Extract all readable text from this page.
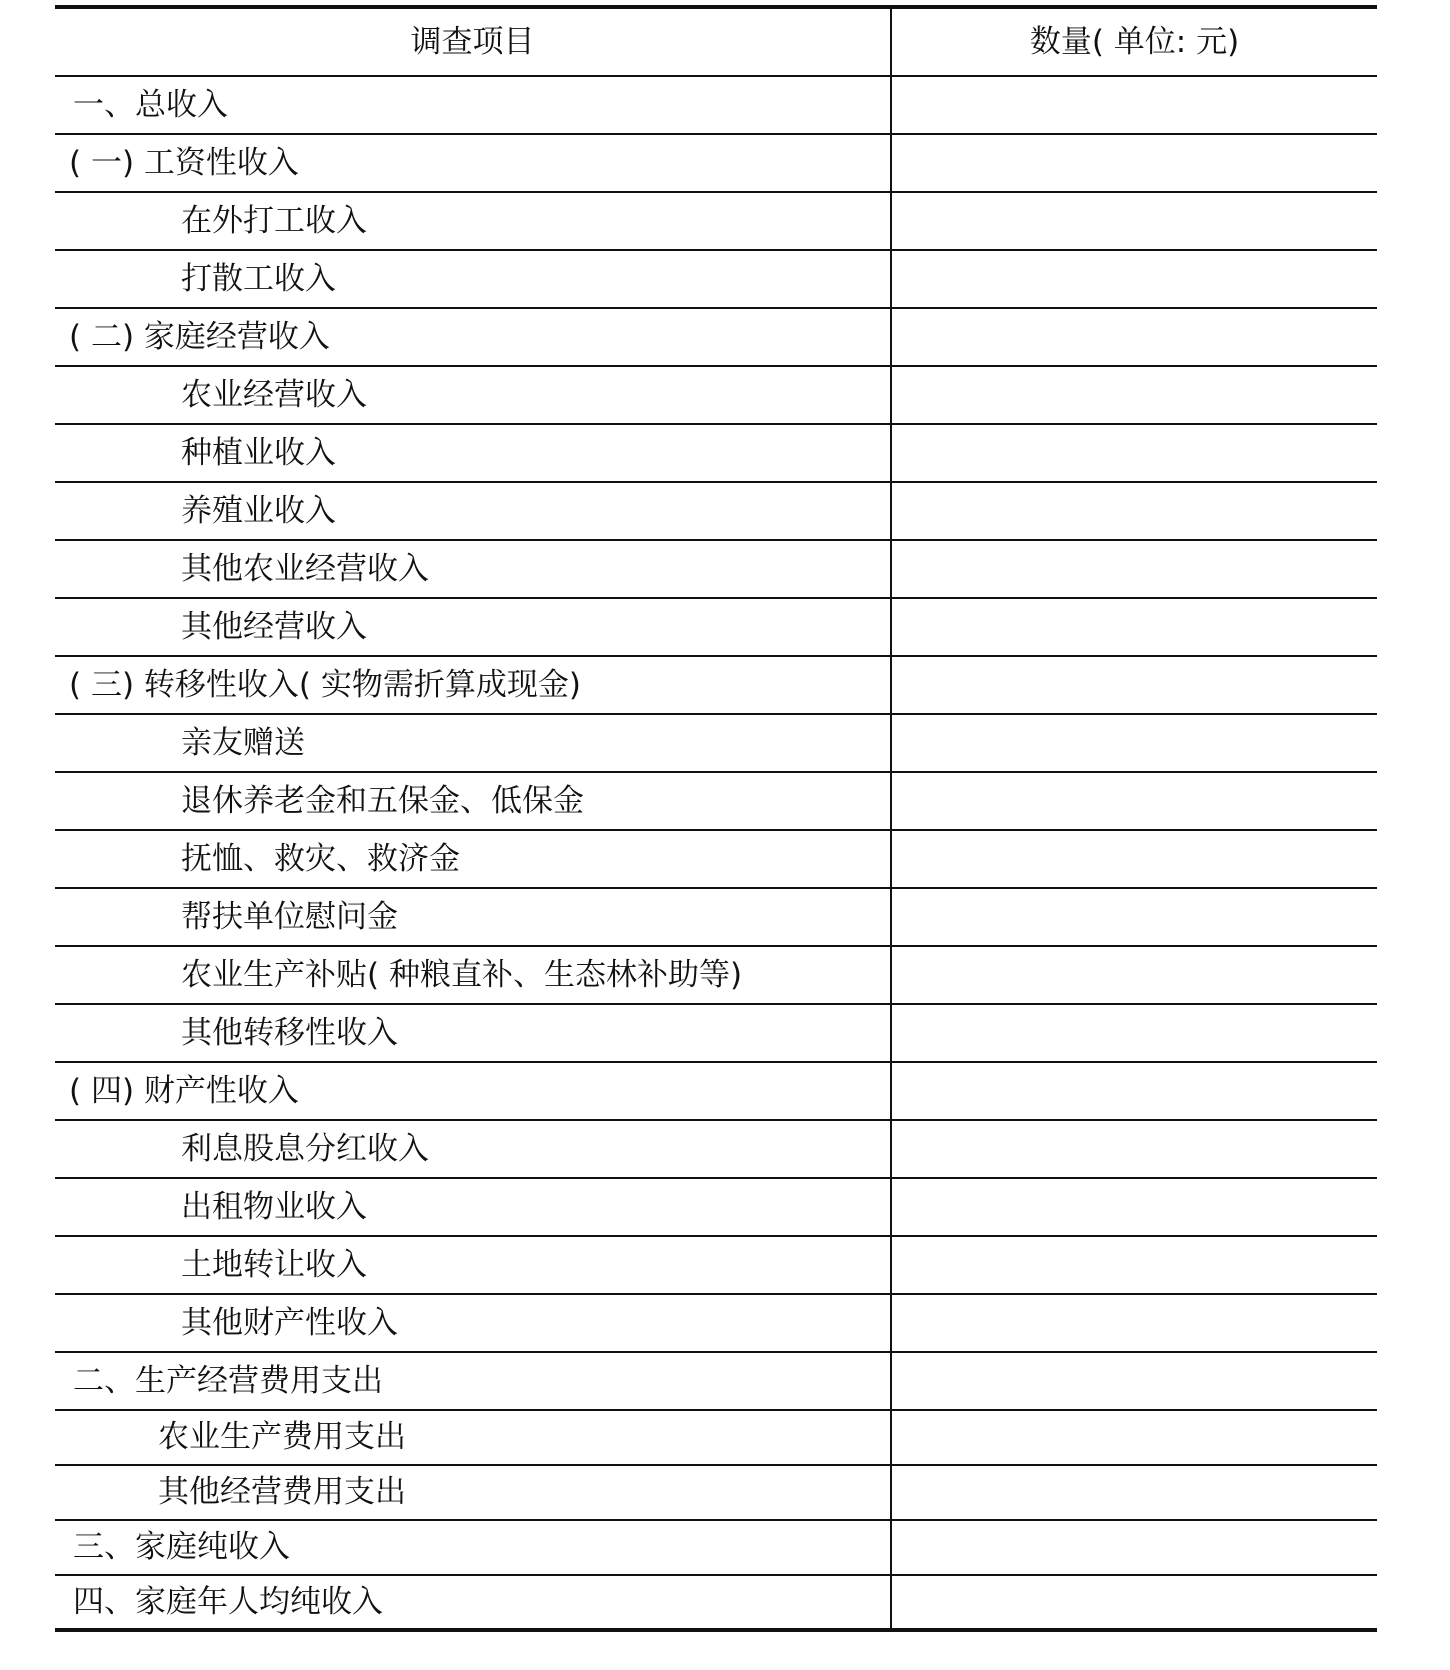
调查项目	数量( 单位: 元)
一、总收入	
( 一) 工资性收入	
在外打工收入	
打散工收入	
( 二) 家庭经营收入	
农业经营收入	
种植业收入	
养殖业收入	
其他农业经营收入	
其他经营收入	
( 三) 转移性收入( 实物需折算成现金)	
亲友赠送	
退休养老金和五保金、低保金	
抚恤、救灾、救济金	
帮扶单位慰问金	
农业生产补贴( 种粮直补、生态林补助等)	
其他转移性收入	
( 四) 财产性收入	
利息股息分红收入	
出租物业收入	
土地转让收入	
其他财产性收入	
二、生产经营费用支出	
农业生产费用支出	
其他经营费用支出	
三、家庭纯收入	
四、家庭年人均纯收入	
